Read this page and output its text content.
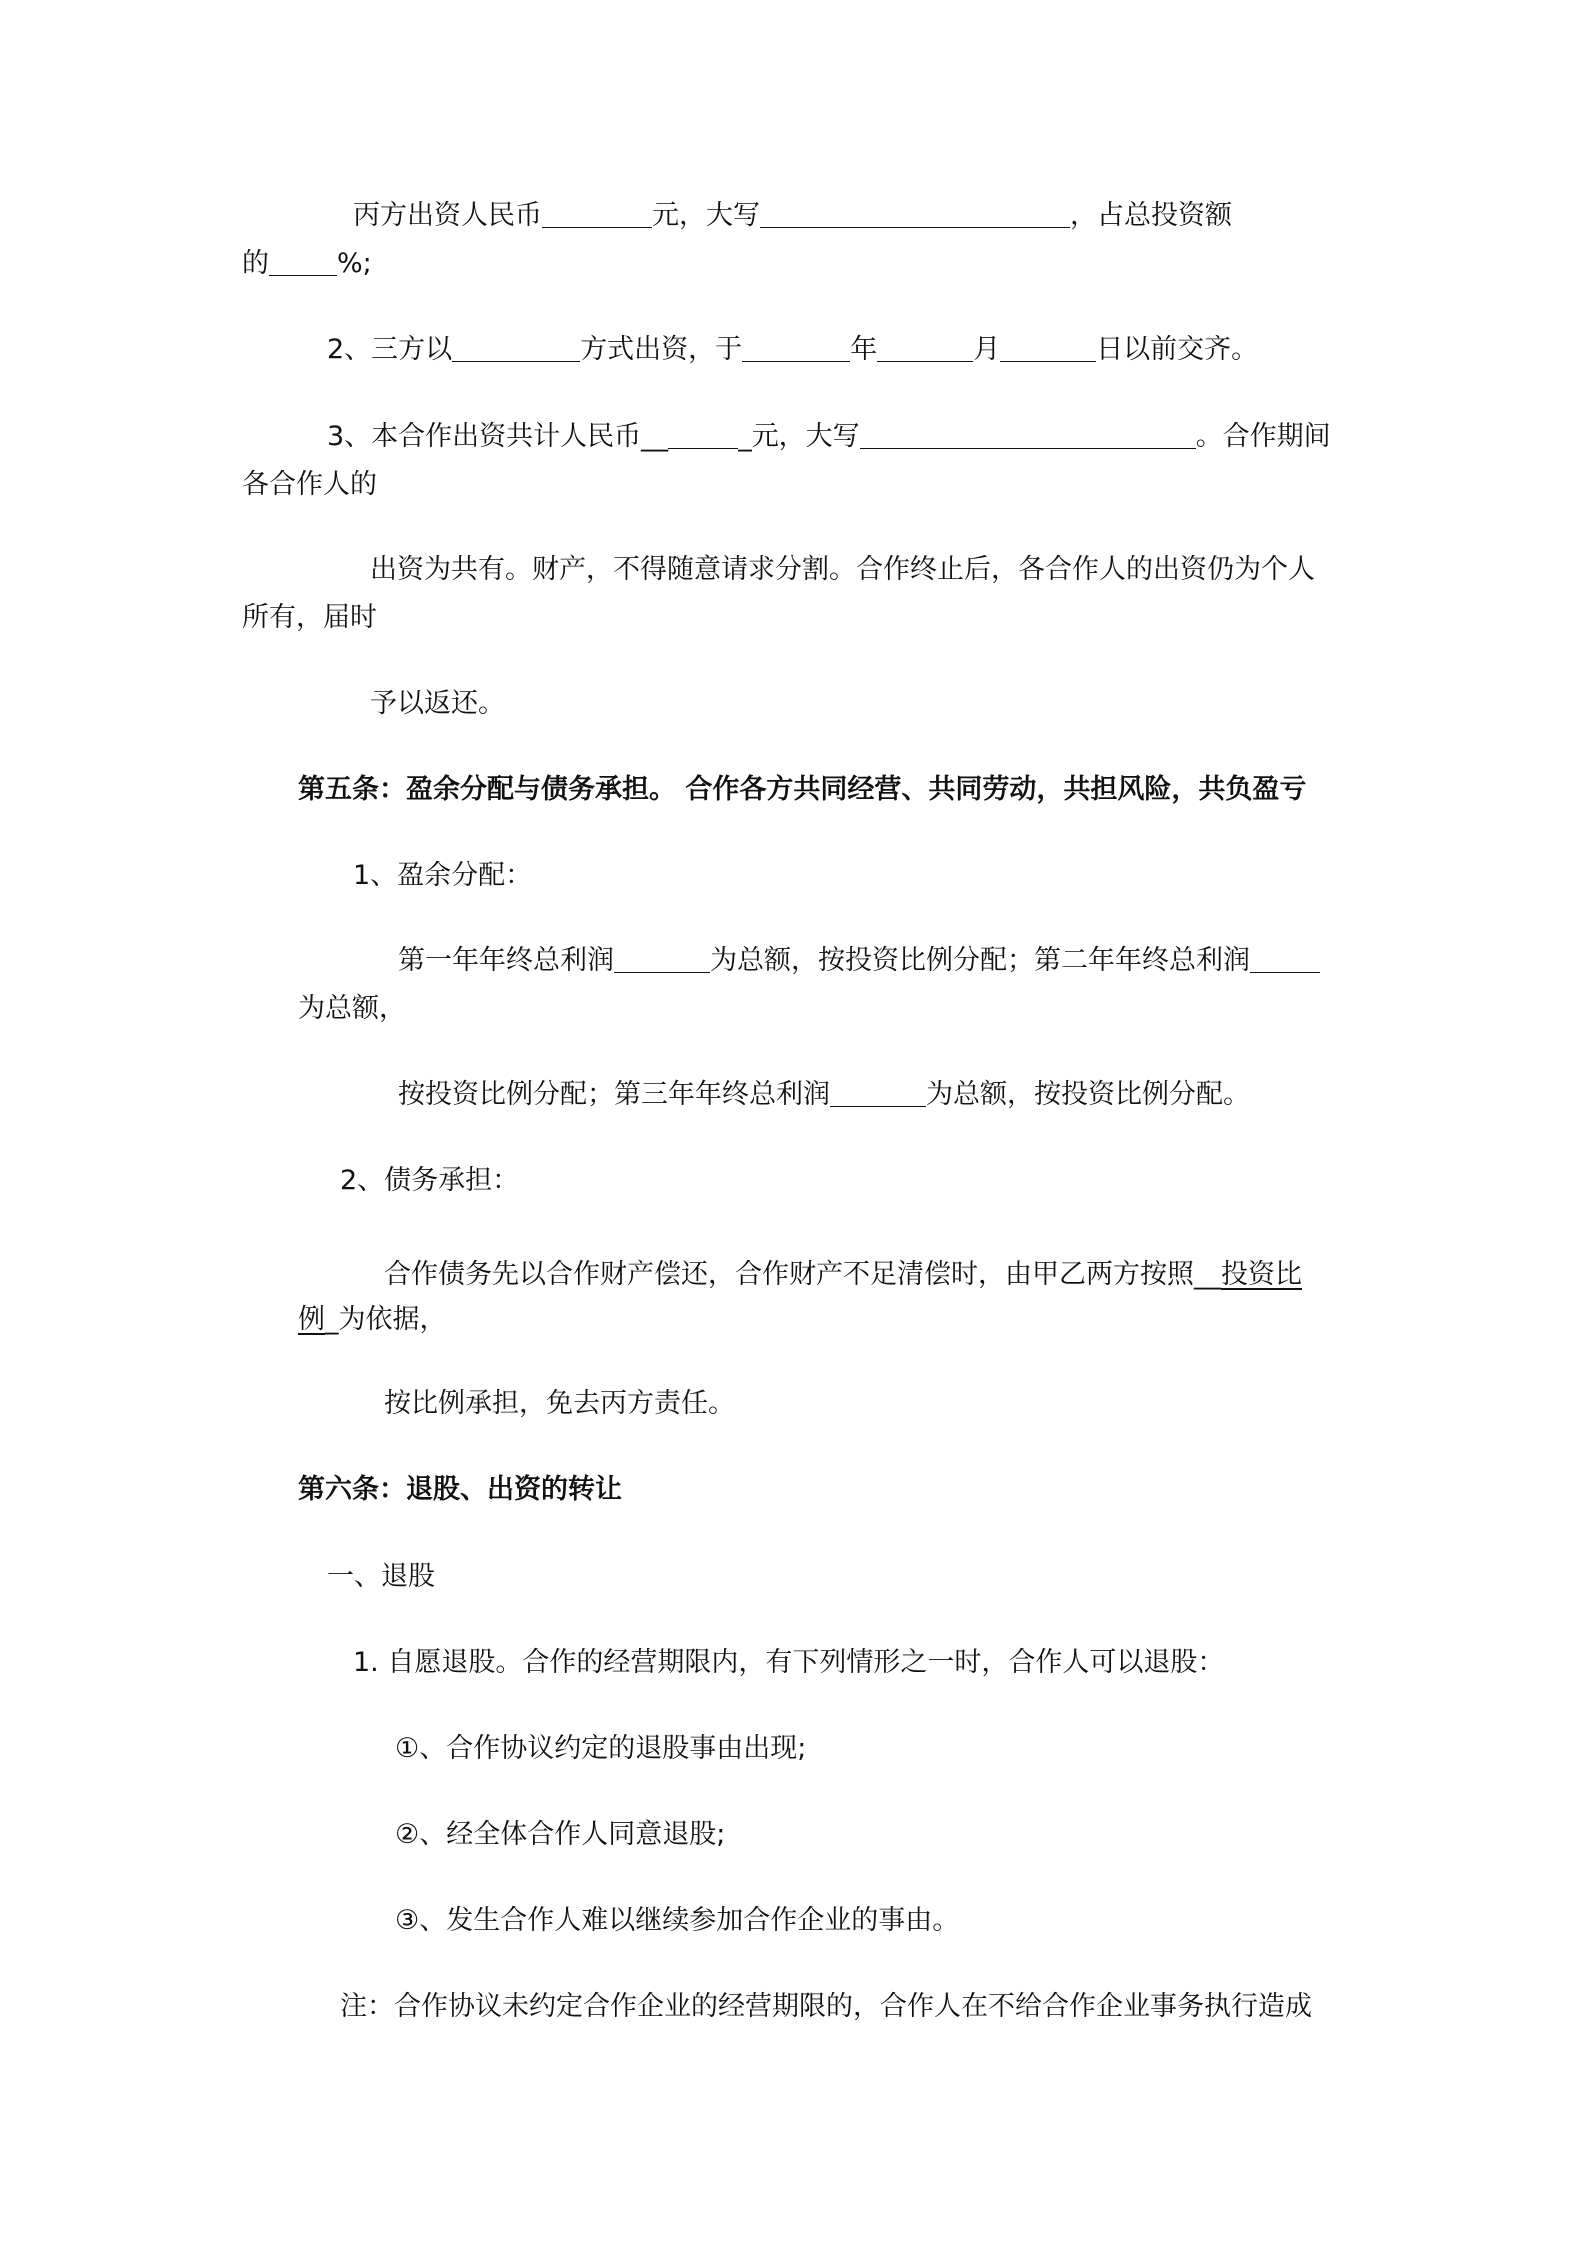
丙方出资人民币	元，大写	，占总投资额
的	%;
2、三方以	方式出资，于	年	月	日以前交齐。
3、本合作出资共计人民币__	_元，大写	。合作期间
各合作人的
出资为共有。财产，不得随意请求分割。合作终止后，各合作人的出资仍为个人
所有，届时
予以返还。
第五条：盈余分配与债务承担。 合作各方共同经营、共同劳动，共担风险，共负盈亏
1、盈余分配：
第一年年终总利润	为总额，按投资比例分配；第二年年终总利润
为总额，
按投资比例分配；第三年年终总利润	为总额，按投资比例分配。
2、债务承担：
合作债务先以合作财产偿还，合作财产不足清偿时，由甲乙两方按照__投资比
例_为依据，
按比例承担，免去丙方责任。
第六条：退股、出资的转让
一、退股
1. 自愿退股。合作的经营期限内，有下列情形之一时，合作人可以退股：
①、合作协议约定的退股事由出现;
②、经全体合作人同意退股;
③、发生合作人难以继续参加合作企业的事由。
注：合作协议未约定合作企业的经营期限的，合作人在不给合作企业事务执行造成
